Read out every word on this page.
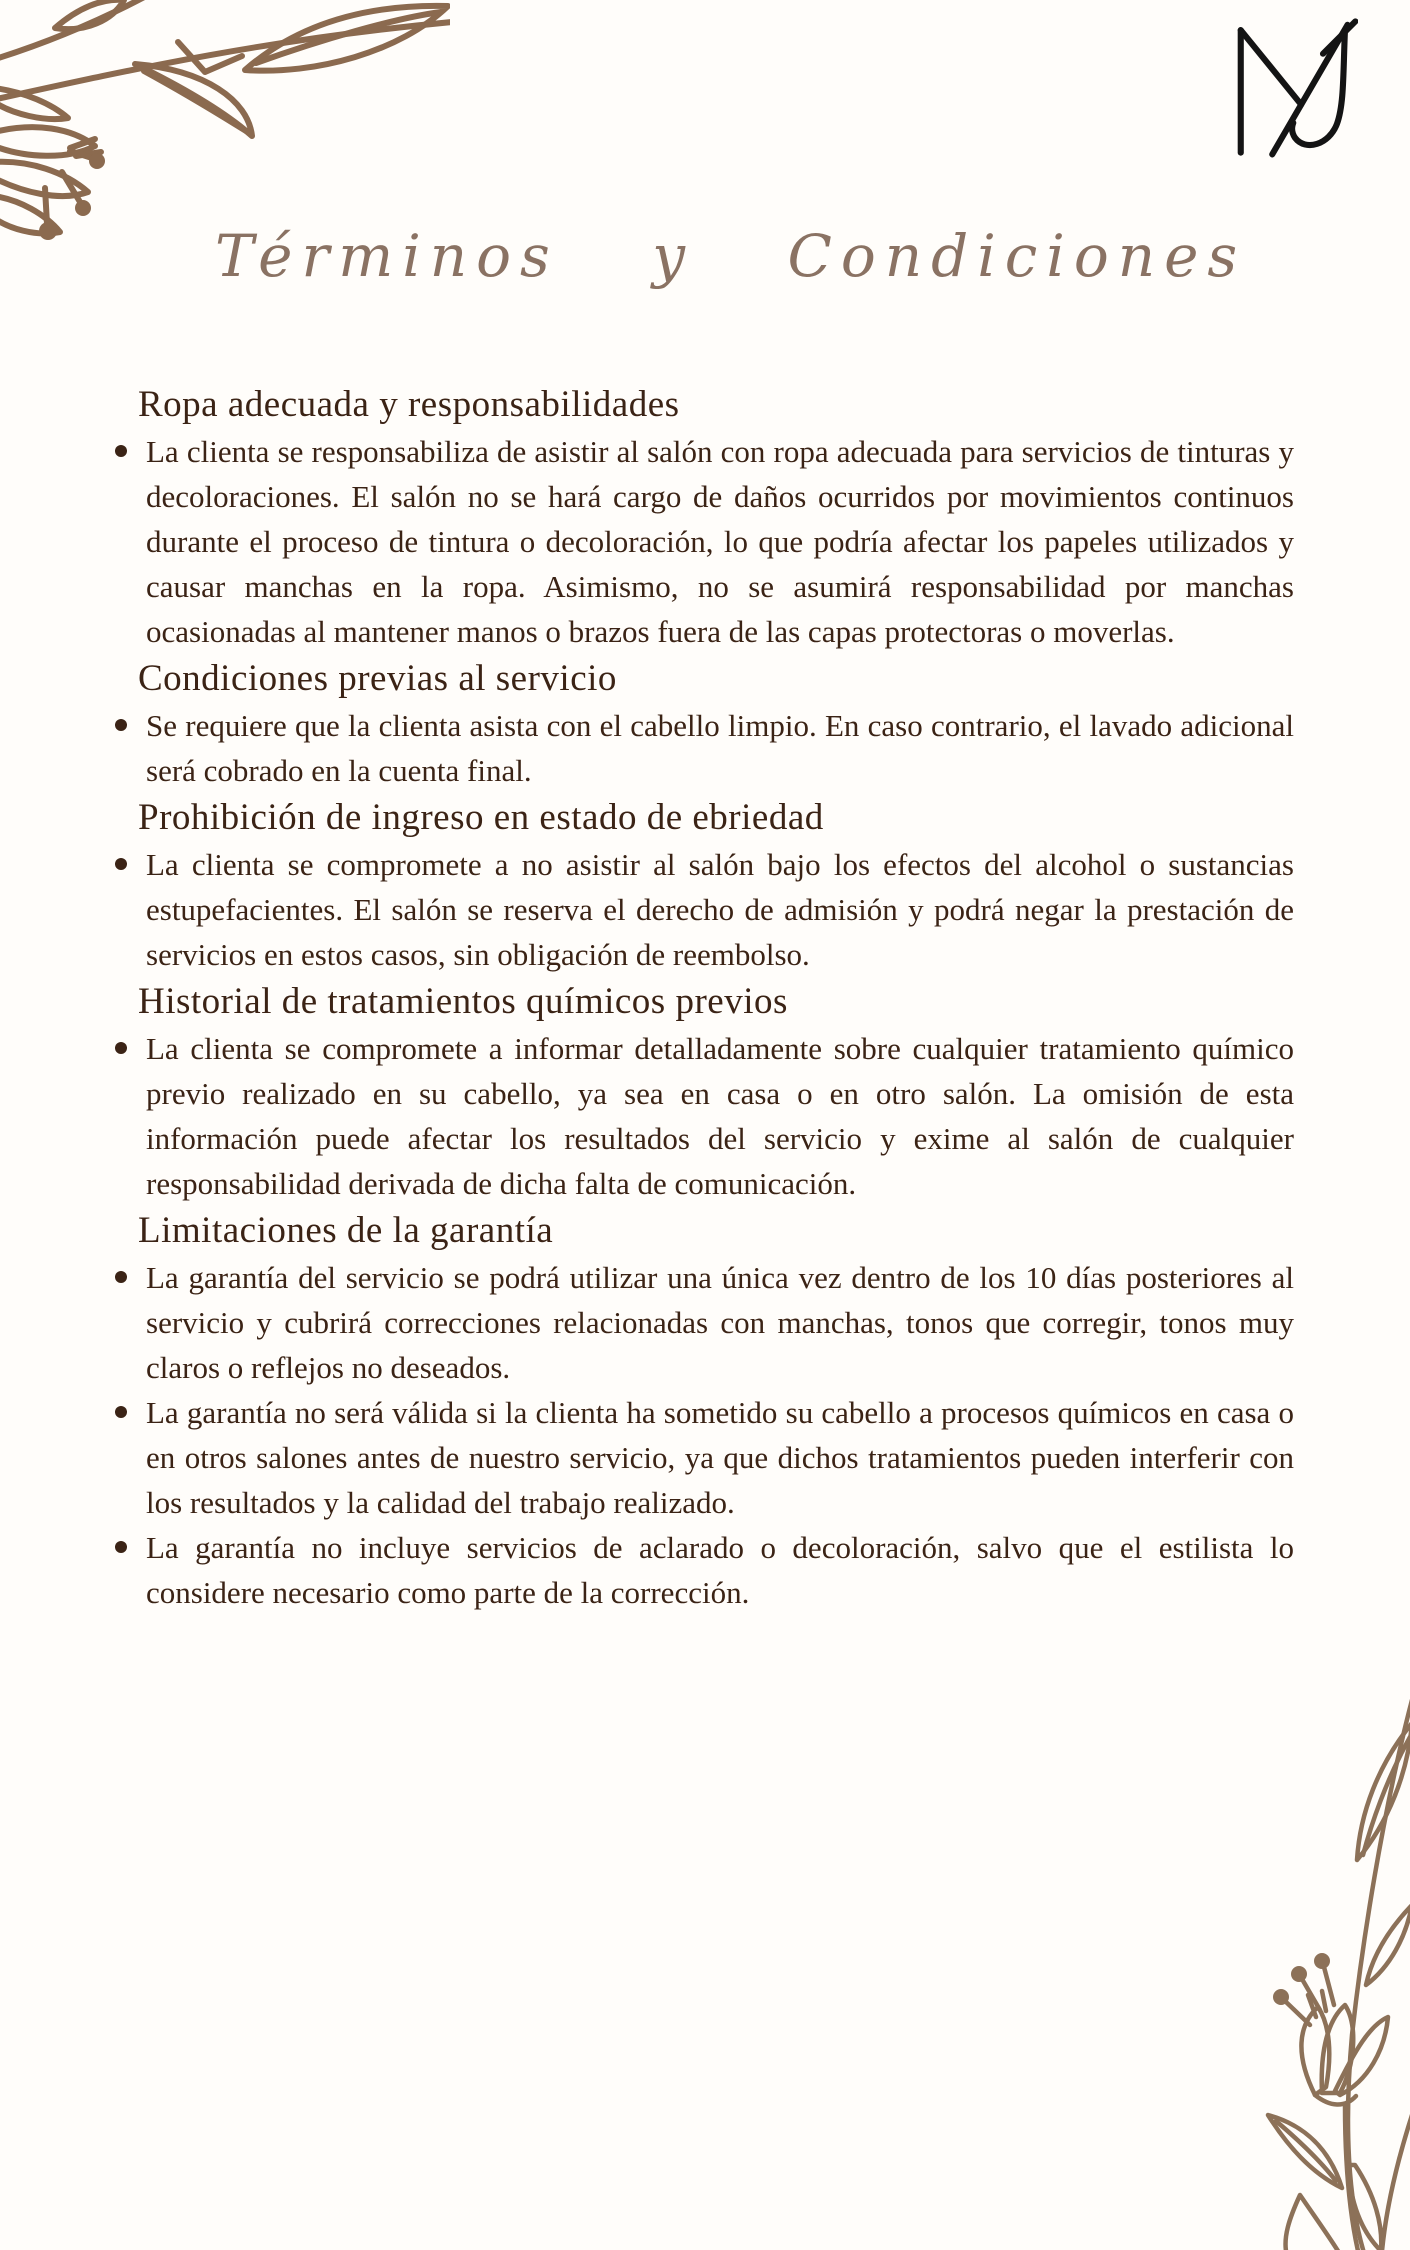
Términos y Condiciones
Ropa adecuada y responsabilidades
La clienta se responsabiliza de asistir al salón con ropa adecuada para servicios de tinturas y decoloraciones. El salón no se hará cargo de daños ocurridos por movimientos continuos durante el proceso de tintura o decoloración, lo que podría afectar los papeles utilizados y causar manchas en la ropa. Asimismo, no se asumirá responsabilidad por manchas ocasionadas al mantener manos o brazos fuera de las capas protectoras o moverlas.
Condiciones previas al servicio
Se requiere que la clienta asista con el cabello limpio. En caso contrario, el lavado adicional será cobrado en la cuenta final.
Prohibición de ingreso en estado de ebriedad
La clienta se compromete a no asistir al salón bajo los efectos del alcohol o sustancias estupefacientes. El salón se reserva el derecho de admisión y podrá negar la prestación de servicios en estos casos, sin obligación de reembolso.
Historial de tratamientos químicos previos
La clienta se compromete a informar detalladamente sobre cualquier tratamiento químico previo realizado en su cabello, ya sea en casa o en otro salón. La omisión de esta información puede afectar los resultados del servicio y exime al salón de cualquier responsabilidad derivada de dicha falta de comunicación.
Limitaciones de la garantía
La garantía del servicio se podrá utilizar una única vez dentro de los 10 días posteriores al servicio y cubrirá correcciones relacionadas con manchas, tonos que corregir, tonos muy claros o reflejos no deseados.
La garantía no será válida si la clienta ha sometido su cabello a procesos químicos en casa o en otros salones antes de nuestro servicio, ya que dichos tratamientos pueden interferir con los resultados y la calidad del trabajo realizado.
La garantía no incluye servicios de aclarado o decoloración, salvo que el estilista lo considere necesario como parte de la corrección.
